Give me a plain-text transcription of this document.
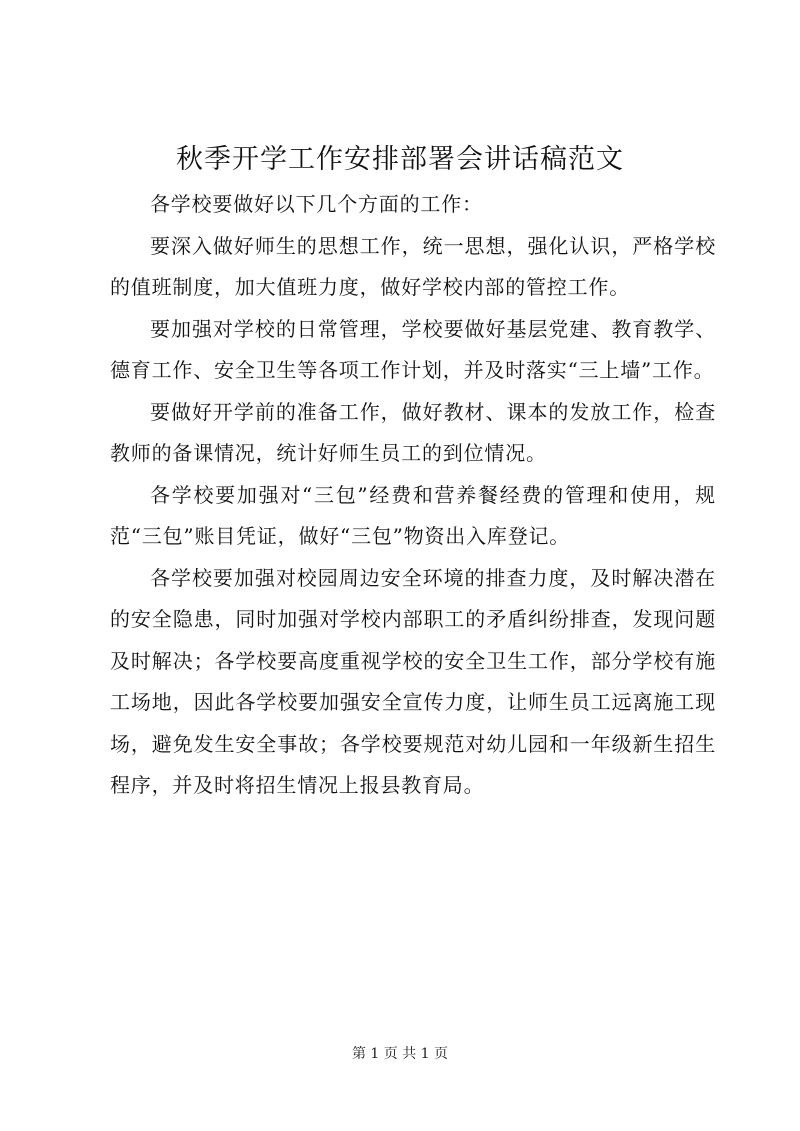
秋季开学工作安排部署会讲话稿范文

各学校要做好以下几个方面的工作：

要深入做好师生的思想工作，统一思想，强化认识，严格学校的值班制度，加大值班力度，做好学校内部的管控工作。

要加强对学校的日常管理，学校要做好基层党建、教育教学、德育工作、安全卫生等各项工作计划，并及时落实“三上墙”工作。

要做好开学前的准备工作，做好教材、课本的发放工作，检查教师的备课情况，统计好师生员工的到位情况。

各学校要加强对“三包”经费和营养餐经费的管理和使用，规范“三包”账目凭证，做好“三包”物资出入库登记。

各学校要加强对校园周边安全环境的排查力度，及时解决潜在的安全隐患，同时加强对学校内部职工的矛盾纠纷排查，发现问题及时解决；各学校要高度重视学校的安全卫生工作，部分学校有施工场地，因此各学校要加强安全宣传力度，让师生员工远离施工现场，避免发生安全事故；各学校要规范对幼儿园和一年级新生招生程序，并及时将招生情况上报县教育局。

第 1 页 共 1 页
